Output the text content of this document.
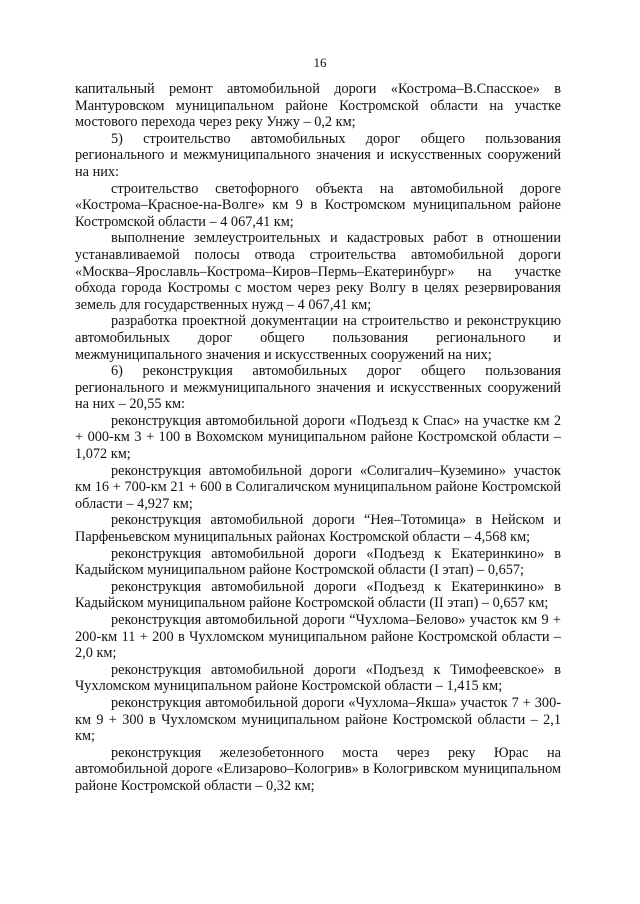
16

капитальный ремонт автомобильной дороги «Кострома–В.Спасское» в Мантуровском муниципальном районе Костромской области на участке мостового перехода через реку Унжу – 0,2 км;

5) строительство автомобильных дорог общего пользования регионального и межмуниципального значения и искусственных сооружений на них:

строительство светофорного объекта на автомобильной дороге «Кострома–Красное-на-Волге» км 9 в Костромском муниципальном районе Костромской области – 4 067,41 км;

выполнение землеустроительных и кадастровых работ в отношении устанавливаемой полосы отвода строительства автомобильной дороги «Москва–Ярославль–Кострома–Киров–Пермь–Екатеринбург» на участке обхода города Костромы с мостом через реку Волгу в целях резервирования земель для государственных нужд – 4 067,41 км;

разработка проектной документации на строительство и реконструкцию автомобильных дорог общего пользования регионального и межмуниципального значения и искусственных сооружений на них;

6) реконструкция автомобильных дорог общего пользования регионального и межмуниципального значения и искусственных сооружений на них – 20,55 км:

реконструкция автомобильной дороги «Подъезд к Спас» на участке км 2 + 000-км 3 + 100 в Вохомском муниципальном районе Костромской области – 1,072 км;

реконструкция автомобильной дороги «Солигалич–Куземино» участок км 16 + 700-км 21 + 600 в Солигаличском муниципальном районе Костромской области – 4,927 км;

реконструкция автомобильной дороги “Нея–Тотомица» в Нейском и Парфеньевском муниципальных районах Костромской области – 4,568 км;

реконструкция автомобильной дороги «Подъезд к Екатеринкино» в Кадыйском муниципальном районе Костромской области (I этап) – 0,657;

реконструкция автомобильной дороги «Подъезд к Екатеринкино» в Кадыйском муниципальном районе Костромской области (II этап) – 0,657 км;

реконструкция автомобильной дороги “Чухлома–Белово» участок км 9 + 200-км 11 + 200 в Чухломском муниципальном районе Костромской области – 2,0 км;

реконструкция автомобильной дороги «Подъезд к Тимофеевское» в Чухломском муниципальном районе Костромской области – 1,415 км;

реконструкция автомобильной дороги «Чухлома–Якша» участок 7 + 300-км 9 + 300 в Чухломском муниципальном районе Костромской области – 2,1 км;

реконструкция железобетонного моста через реку Юрас на автомобильной дороге «Елизарово–Кологрив» в Кологривском муниципальном районе Костромской области – 0,32 км;
